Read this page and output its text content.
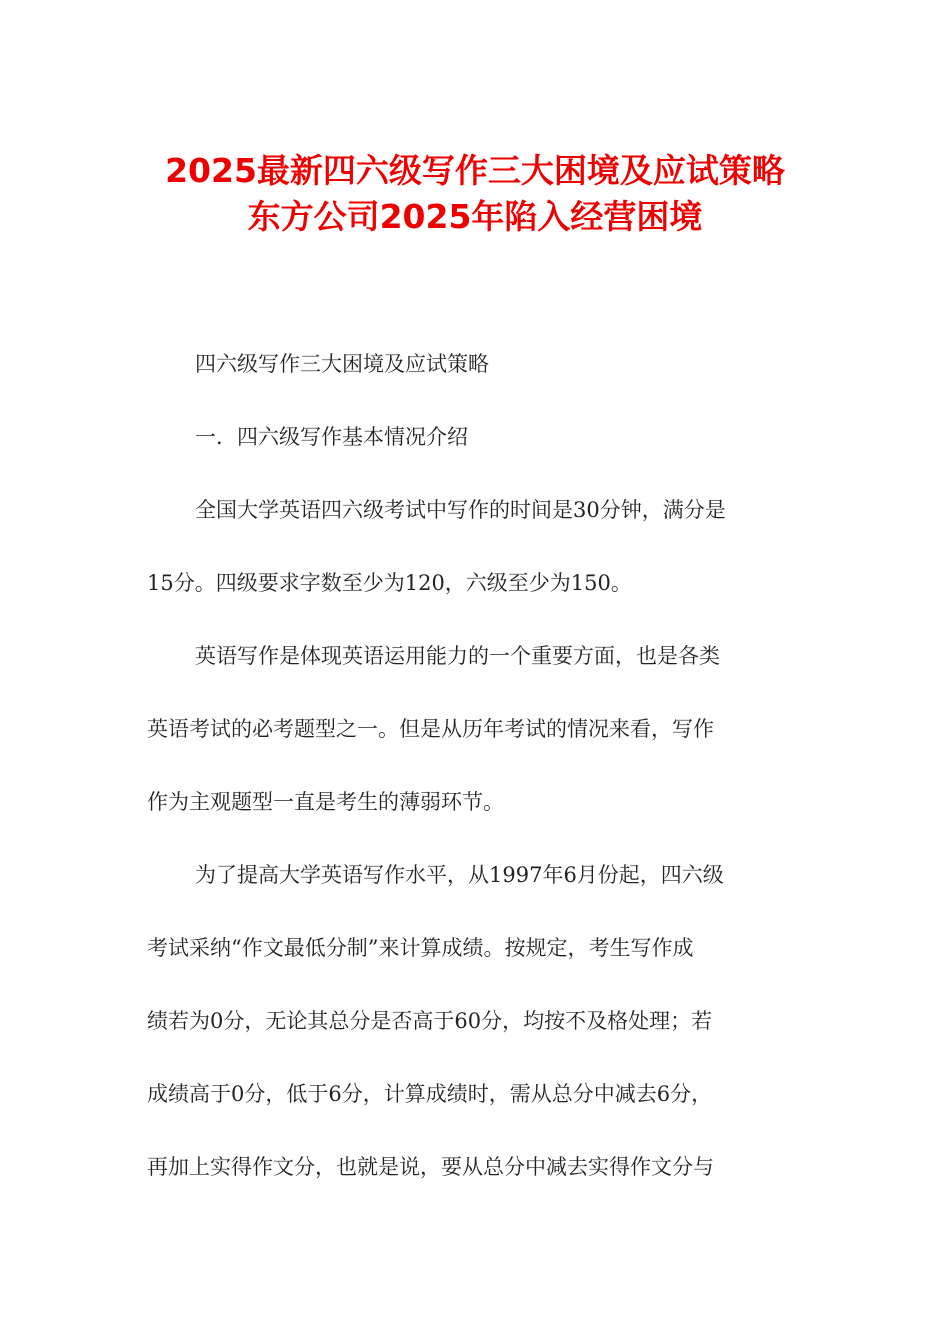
2025最新四六级写作三大困境及应试策略
东方公司2025年陷入经营困境
四六级写作三大困境及应试策略
一．四六级写作基本情况介绍
全国大学英语四六级考试中写作的时间是30分钟，满分是
15分。四级要求字数至少为120，六级至少为150。
英语写作是体现英语运用能力的一个重要方面，也是各类
英语考试的必考题型之一。但是从历年考试的情况来看，写作
作为主观题型一直是考生的薄弱环节。
为了提高大学英语写作水平，从1997年6月份起，四六级
考试采纳“作文最低分制”来计算成绩。按规定，考生写作成
绩若为0分，无论其总分是否高于60分，均按不及格处理；若
成绩高于0分，低于6分，计算成绩时，需从总分中减去6分，
再加上实得作文分，也就是说，要从总分中减去实得作文分与
